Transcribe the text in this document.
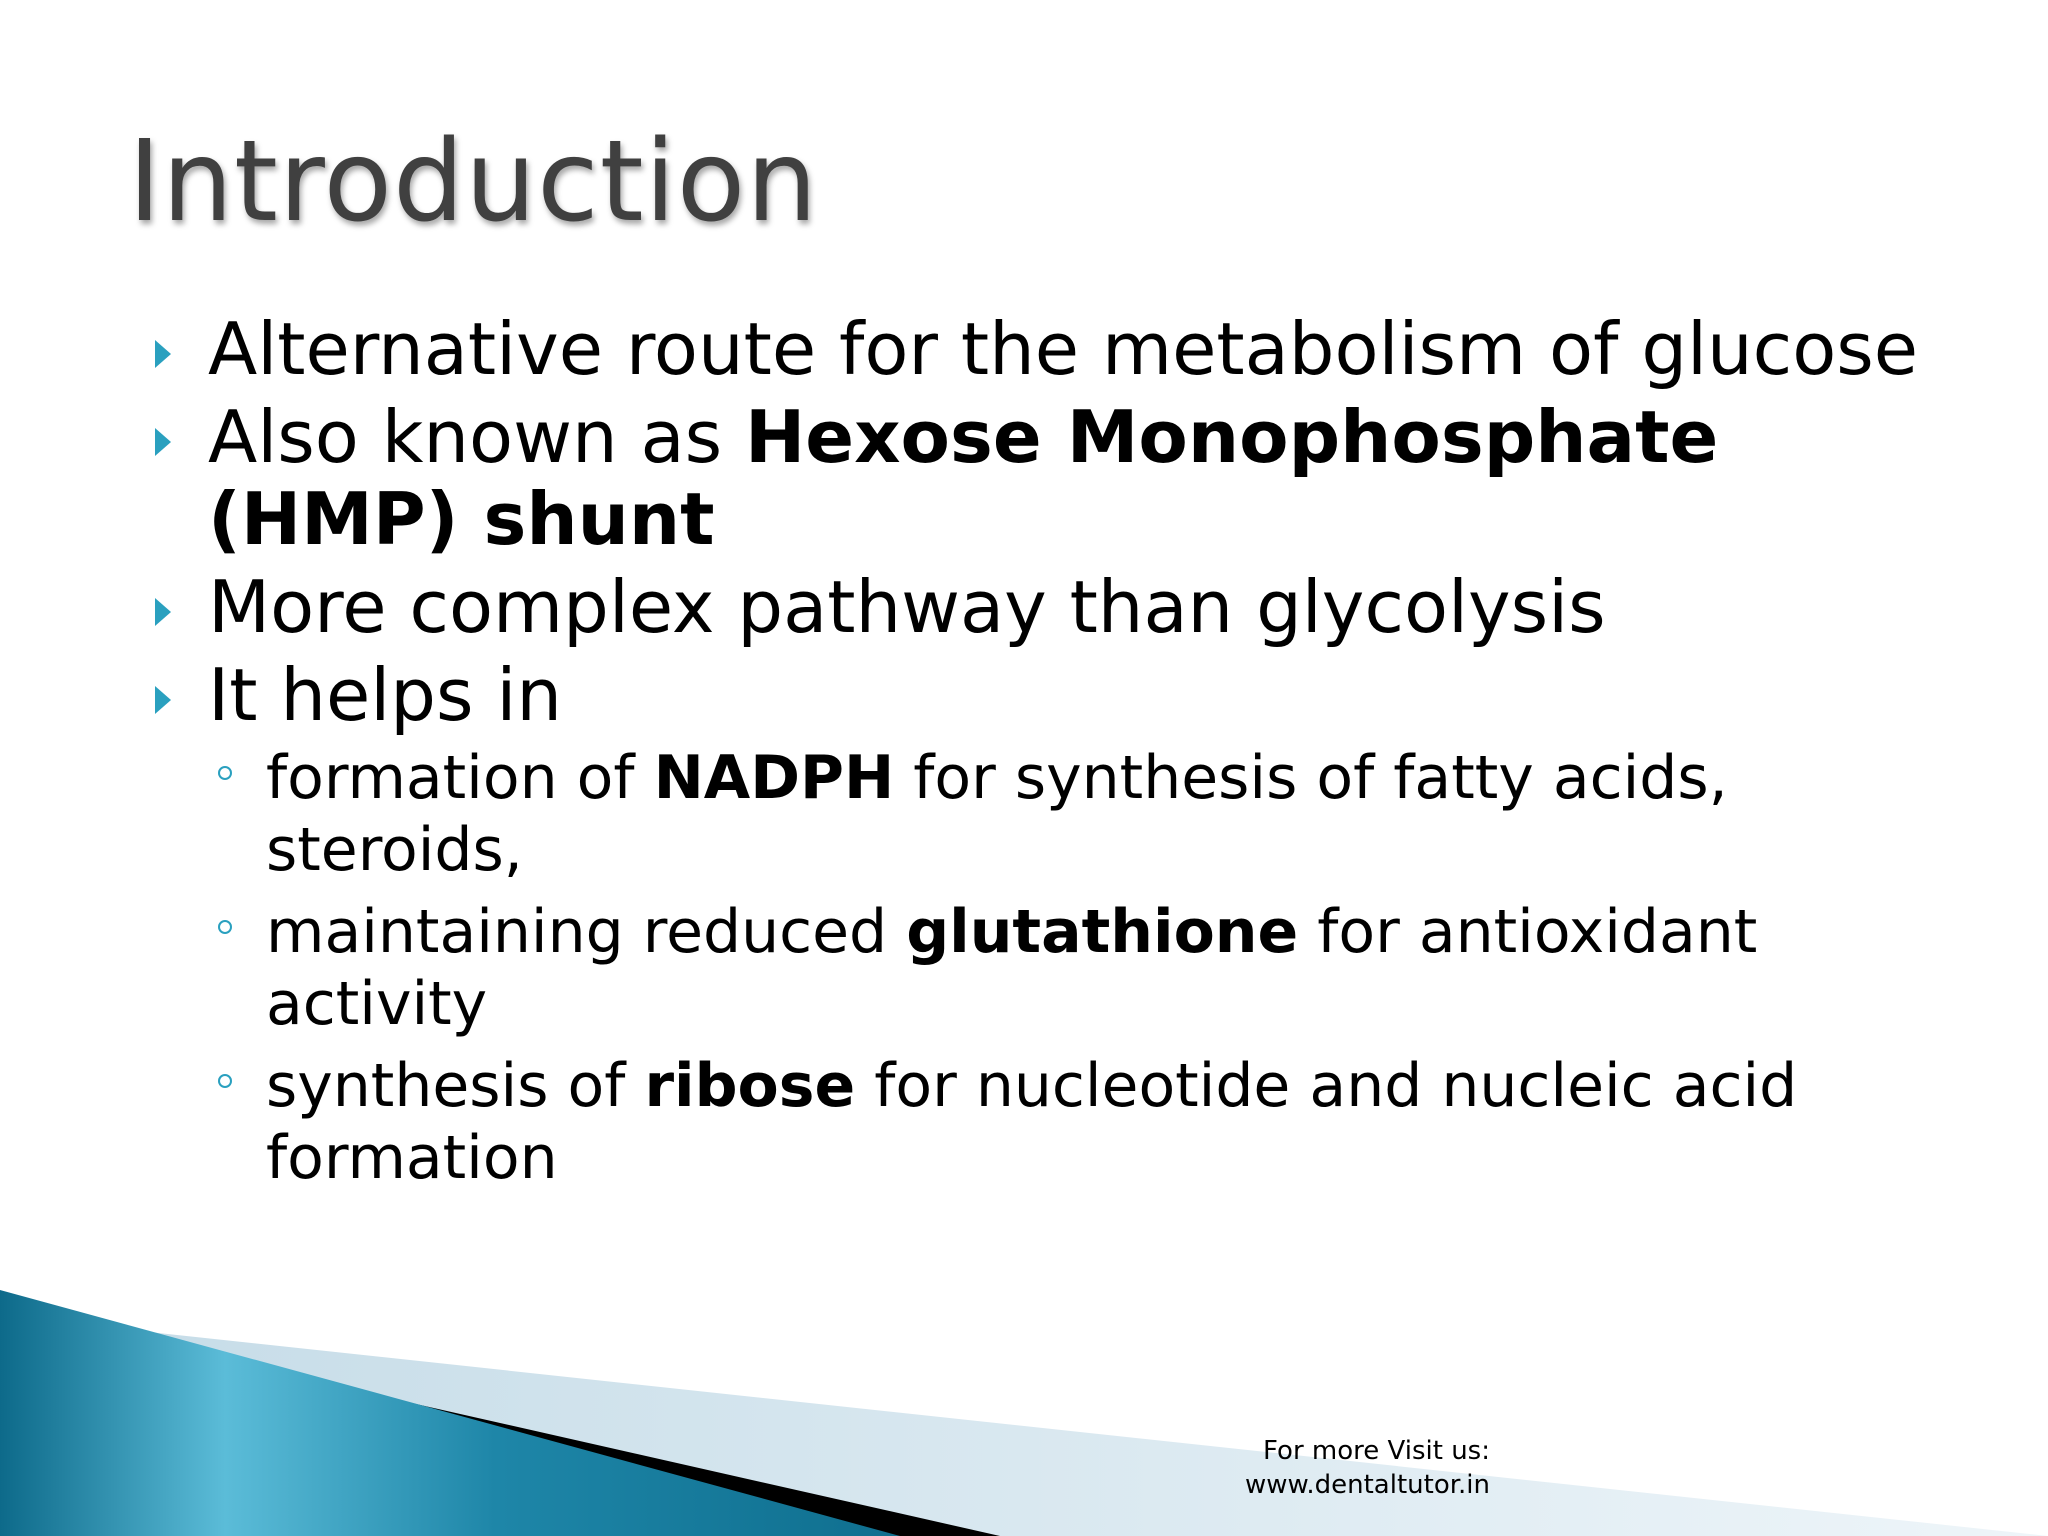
Introduction
Alternative route for the metabolism of glucose
Also known as Hexose Monophosphate (HMP) shunt
More complex pathway than glycolysis
It helps in
formation of NADPH for synthesis of fatty acids, steroids,
maintaining reduced glutathione for antioxidant activity
synthesis of ribose for nucleotide and nucleic acid formation
For more Visit us:
www.dentaltutor.in
